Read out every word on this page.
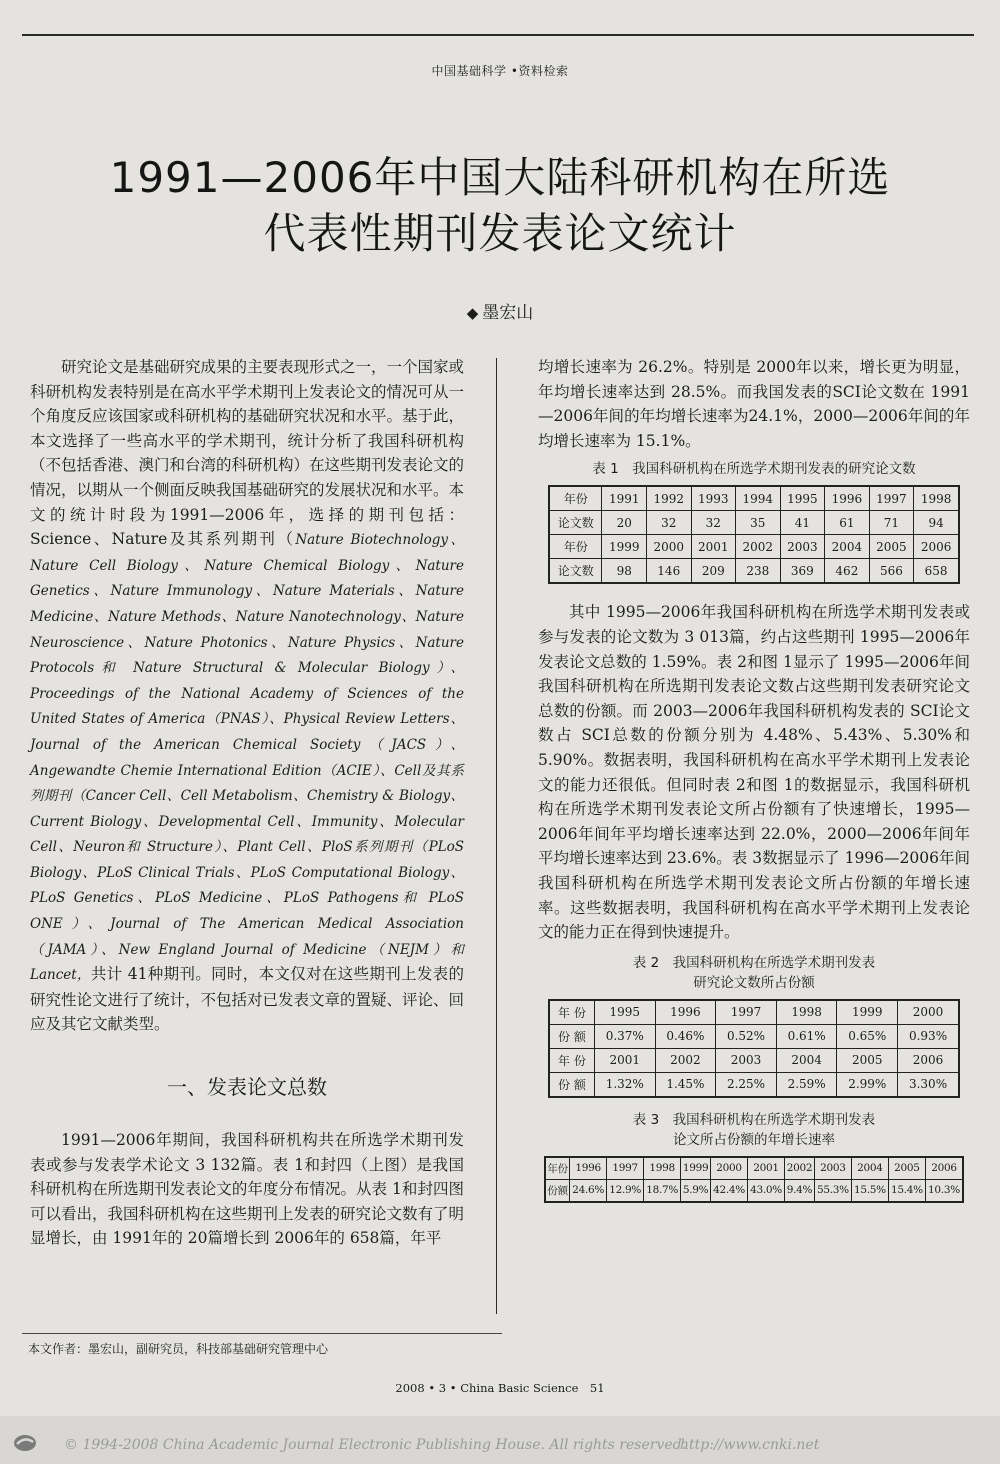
中国基础科学 •资料检索
1991—2006年中国大陆科研机构在所选
代表性期刊发表论文统计
◆ 墨宏山

研究论文是基础研究成果的主要表现形式之一，一个国家或科研机构发表特别是在高水平学术期刊上发表论文的情况可从一个角度反应该国家或科研机构的基础研究状况和水平。基于此，本文选择了一些高水平的学术期刊，统计分析了我国科研机构（不包括香港、澳门和台湾的科研机构）在这些期刊发表论文的情况，以期从一个侧面反映我国基础研究的发展状况和水平。本文的统计时段为1991—2006年，选择的期刊包括：Science、Nature及其系列期刊（Nature Biotechnology、Nature Cell Biology、Nature Chemical Biology、Nature Genetics、Nature Immunology、Nature Materials、Nature Medicine、Nature Methods、Nature Nanotechnology、Nature Neuroscience、Nature Photonics、Nature Physics、Nature Protocols和 Nature Structural & Molecular Biology）、Proceedings of the National Academy of Sciences of the United States of America（PNAS）、Physical Review Letters、Journal of the American Chemical Society（JACS）、Angewandte Chemie International Edition（ACIE）、Cell及其系列期刊（Cancer Cell、Cell Metabolism、Chemistry & Biology、Current Biology、Developmental Cell、Immunity、Molecular Cell、Neuron和 Structure）、Plant Cell、PloS系列期刊（PLoS Biology、PLoS Clinical Trials、PLoS Computational Biology、PLoS Genetics、PLoS Medicine、PLoS Pathogens和 PLoS ONE）、Journal of The American Medical Association（JAMA）、New England Journal of Medicine（NEJM）和 Lancet，共计 41种期刊。同时，本文仅对在这些期刊上发表的研究性论文进行了统计，不包括对已发表文章的置疑、评论、回应及其它文献类型。

一、发表论文总数

1991—2006年期间，我国科研机构共在所选学术期刊发表或参与发表学术论文 3 132篇。表 1和封四（上图）是我国科研机构在所选期刊发表论文的年度分布情况。从表 1和封四图可以看出，我国科研机构在这些期刊上发表的研究论文数有了明显增长，由 1991年的 20篇增长到 2006年的 658篇，年平

均增长速率为 26.2%。特别是 2000年以来，增长更为明显，年均增长速率达到 28.5%。而我国发表的SCI论文数在 1991—2006年间的年均增长速率为24.1%，2000—2006年间的年均增长速率为 15.1%。

表 1　我国科研机构在所选学术期刊发表的研究论文数
年份	1991	1992	1993	1994	1995	1996	1997	1998
论文数	20	32	32	35	41	61	71	94
年份	1999	2000	2001	2002	2003	2004	2005	2006
论文数	98	146	209	238	369	462	566	658

其中 1995—2006年我国科研机构在所选学术期刊发表或参与发表的论文数为 3 013篇，约占这些期刊 1995—2006年发表论文总数的 1.59%。表 2和图 1显示了 1995—2006年间我国科研机构在所选期刊发表论文数占这些期刊发表研究论文总数的份额。而 2003—2006年我国科研机构发表的 SCI论文数占 SCI总数的份额分别为 4.48%、5.43%、5.30%和 5.90%。数据表明，我国科研机构在高水平学术期刊上发表论文的能力还很低。但同时表 2和图 1的数据显示，我国科研机构在所选学术期刊发表论文所占份额有了快速增长，1995—2006年间年平均增长速率达到 22.0%，2000—2006年间年平均增长速率达到 23.6%。表 3数据显示了 1996—2006年间我国科研机构在所选学术期刊发表论文所占份额的年增长速率。这些数据表明，我国科研机构在高水平学术期刊上发表论文的能力正在得到快速提升。

表 2　我国科研机构在所选学术期刊发表
研究论文数所占份额
年 份	1995	1996	1997	1998	1999	2000
份 额	0.37%	0.46%	0.52%	0.61%	0.65%	0.93%
年 份	2001	2002	2003	2004	2005	2006
份 额	1.32%	1.45%	2.25%	2.59%	2.99%	3.30%
表 3　我国科研机构在所选学术期刊发表
论文所占份额的年增长速率
年份	1996	1997	1998	1999	2000	2001	2002	2003	2004	2005	2006
份额	24.6%	12.9%	18.7%	5.9%	42.4%	43.0%	9.4%	55.3%	15.5%	15.4%	10.3%
本文作者：墨宏山，副研究员，科技部基础研究管理中心
2008 • 3 • China Basic Science　51
© 1994-2008 China Academic Journal Electronic Publishing House. All rights reserved.
http://www.cnki.net
